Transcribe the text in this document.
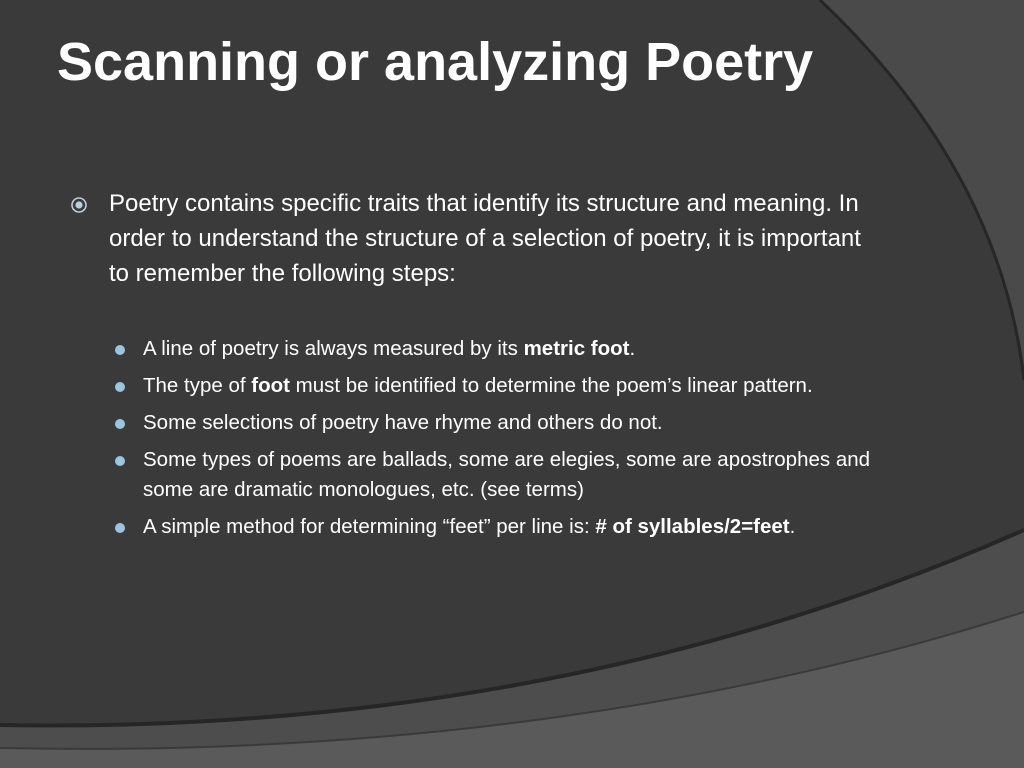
Scanning or analyzing Poetry

Poetry contains specific traits that identify its structure and meaning. In order to understand the structure of a selection of poetry, it is important to remember the following steps:

A line of poetry is always measured by its metric foot.
The type of foot must be identified to determine the poem’s linear pattern.
Some selections of poetry have rhyme and others do not.
Some types of poems are ballads, some are elegies, some are apostrophes and some are dramatic monologues, etc. (see terms)
A simple method for determining “feet” per line is: # of syllables/2=feet.
